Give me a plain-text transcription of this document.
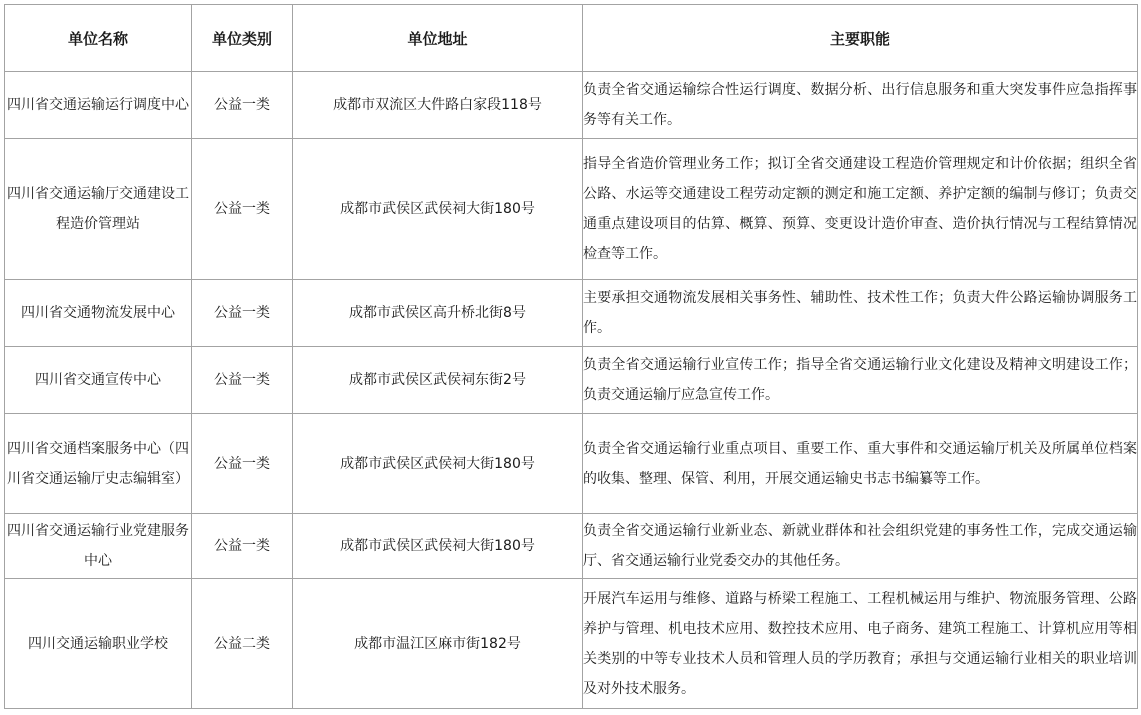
单位名称	单位类别	单位地址	主要职能
四川省交通运输运行调度中心	公益一类	成都市双流区大件路白家段118号	负责全省交通运输综合性运行调度、数据分析、出行信息服务和重大突发事件应急指挥事务等有关工作。
四川省交通运输厅交通建设工程造价管理站	公益一类	成都市武侯区武侯祠大街180号	指导全省造价管理业务工作；拟订全省交通建设工程造价管理规定和计价依据；组织全省公路、水运等交通建设工程劳动定额的测定和施工定额、养护定额的编制与修订；负责交通重点建设项目的估算、概算、预算、变更设计造价审查、造价执行情况与工程结算情况检查等工作。
四川省交通物流发展中心	公益一类	成都市武侯区高升桥北街8号	主要承担交通物流发展相关事务性、辅助性、技术性工作；负责大件公路运输协调服务工作。
四川省交通宣传中心	公益一类	成都市武侯区武侯祠东街2号	负责全省交通运输行业宣传工作；指导全省交通运输行业文化建设及精神文明建设工作；负责交通运输厅应急宣传工作。
四川省交通档案服务中心（四川省交通运输厅史志编辑室）	公益一类	成都市武侯区武侯祠大街180号	负责全省交通运输行业重点项目、重要工作、重大事件和交通运输厅机关及所属单位档案的收集、整理、保管、利用，开展交通运输史书志书编纂等工作。
四川省交通运输行业党建服务中心	公益一类	成都市武侯区武侯祠大街180号	负责全省交通运输行业新业态、新就业群体和社会组织党建的事务性工作，完成交通运输厅、省交通运输行业党委交办的其他任务。
四川交通运输职业学校	公益二类	成都市温江区麻市街182号	开展汽车运用与维修、道路与桥梁工程施工、工程机械运用与维护、物流服务管理、公路养护与管理、机电技术应用、数控技术应用、电子商务、建筑工程施工、计算机应用等相关类别的中等专业技术人员和管理人员的学历教育；承担与交通运输行业相关的职业培训及对外技术服务。
